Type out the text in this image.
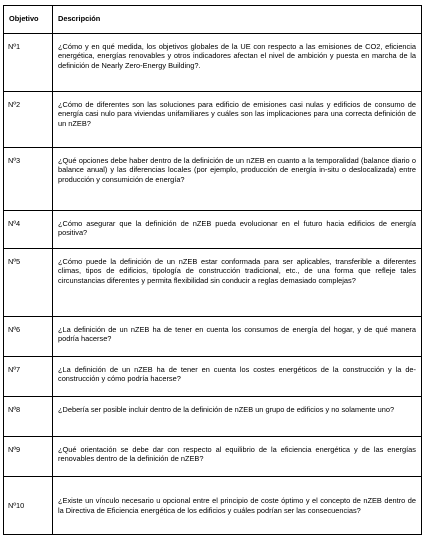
Objetivo	Descripción
Nº1	¿Cómo y en qué medida, los objetivos globales de la UE con respecto a las emisiones de CO2, eficiencia energética, energías renovables y otros indicadores afectan el nivel de ambición y puesta en marcha de la definición de Nearly Zero-Energy Building?.
Nº2	¿Cómo de diferentes son las soluciones para edificio de emisiones casi nulas y edificios de consumo de energía casi nulo para viviendas unifamiliares y cuáles son las implicaciones para una correcta definición de un nZEB?
Nº3	¿Qué opciones debe haber dentro de la definición de un nZEB en cuanto a la temporalidad (balance diario o balance anual) y las diferencias locales (por ejemplo, producción de energía in-situ o deslocalizada) entre producción y consumición de energía?
Nº4	¿Cómo asegurar que la definición de nZEB pueda evolucionar en el futuro hacia edificios de energía positiva?
Nº5	¿Cómo puede la definición de un nZEB estar conformada para ser aplicables, transferible a diferentes climas, tipos de edificios, tipología de construcción tradicional, etc., de una forma que refleje tales circunstancias diferentes y permita flexibilidad sin conducir a reglas demasiado complejas?
Nº6	¿La definición de un nZEB ha de tener en cuenta los consumos de energía del hogar, y de qué manera podría hacerse?
Nº7	¿La definición de un nZEB ha de tener en cuenta los costes energéticos de la construcción y la de-construcción y cómo podría hacerse?
Nº8	¿Debería ser posible incluir dentro de la definición de nZEB un grupo de edificios y no solamente uno?
Nº9	¿Qué orientación se debe dar con respecto al equilibrio de la eficiencia energética y de las energías renovables dentro de la definición de nZEB?
Nº10	¿Existe un vínculo necesario u opcional entre el principio de coste óptimo y el concepto de nZEB dentro de la Directiva de Eficiencia energética de los edificios y cuáles podrían ser las consecuencias?
